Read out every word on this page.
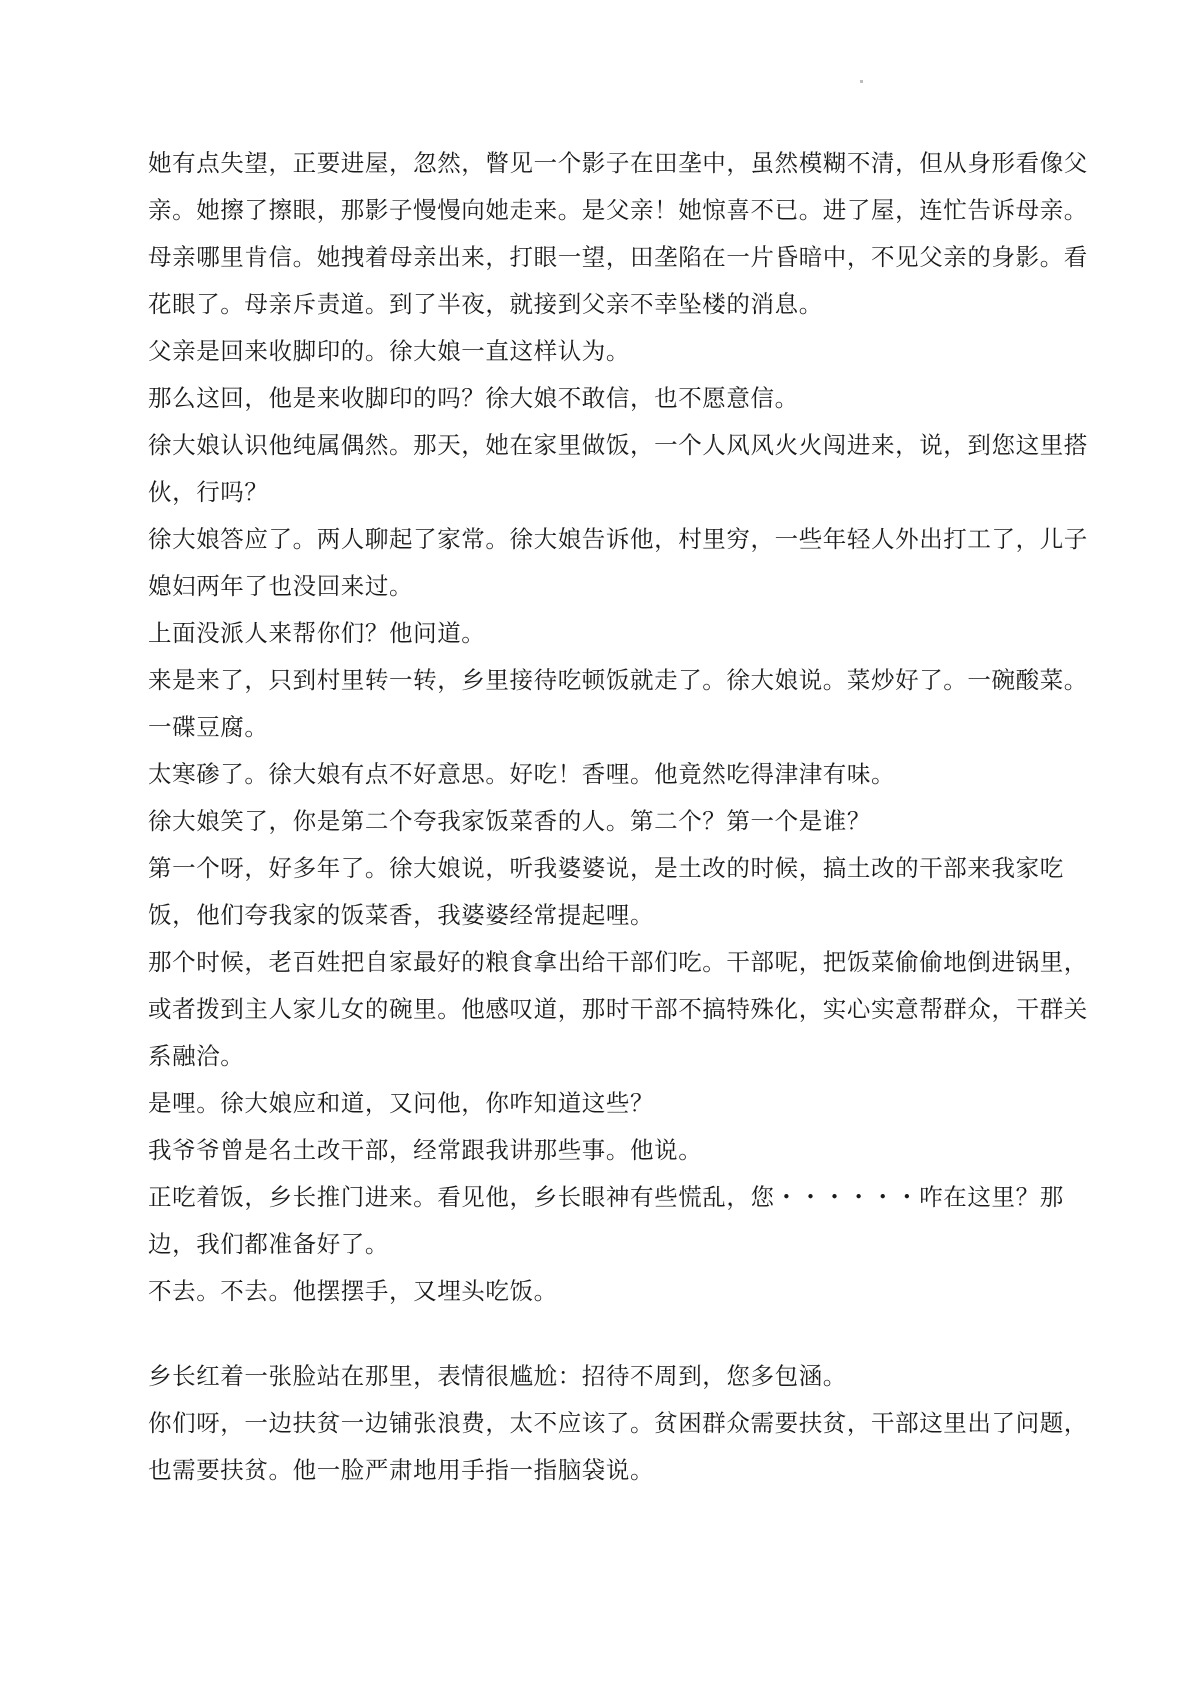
她有点失望，正要进屋，忽然，瞥见一个影子在田垄中，虽然模糊不清，但从身形看像父亲。她擦了擦眼，那影子慢慢向她走来。是父亲！她惊喜不已。进了屋，连忙告诉母亲。母亲哪里肯信。她拽着母亲出来，打眼一望，田垄陷在一片昏暗中，不见父亲的身影。看花眼了。母亲斥责道。到了半夜，就接到父亲不幸坠楼的消息。

父亲是回来收脚印的。徐大娘一直这样认为。

那么这回，他是来收脚印的吗？徐大娘不敢信，也不愿意信。

徐大娘认识他纯属偶然。那天，她在家里做饭，一个人风风火火闯进来，说，到您这里搭伙，行吗？

徐大娘答应了。两人聊起了家常。徐大娘告诉他，村里穷，一些年轻人外出打工了，儿子媳妇两年了也没回来过。

上面没派人来帮你们？他问道。

来是来了，只到村里转一转，乡里接待吃顿饭就走了。徐大娘说。菜炒好了。一碗酸菜。一碟豆腐。

太寒碜了。徐大娘有点不好意思。好吃！香哩。他竟然吃得津津有味。

徐大娘笑了，你是第二个夸我家饭菜香的人。第二个？第一个是谁？

第一个呀，好多年了。徐大娘说，听我婆婆说，是土改的时候，搞土改的干部来我家吃饭，他们夸我家的饭菜香，我婆婆经常提起哩。

那个时候，老百姓把自家最好的粮食拿出给干部们吃。干部呢，把饭菜偷偷地倒进锅里，或者拨到主人家儿女的碗里。他感叹道，那时干部不搞特殊化，实心实意帮群众，干群关系融洽。

是哩。徐大娘应和道，又问他，你咋知道这些？

我爷爷曾是名土改干部，经常跟我讲那些事。他说。

正吃着饭，乡长推门进来。看见他，乡长眼神有些慌乱，您・・・・・・咋在这里？那边，我们都准备好了。

不去。不去。他摆摆手，又埋头吃饭。

乡长红着一张脸站在那里，表情很尴尬：招待不周到，您多包涵。

你们呀，一边扶贫一边铺张浪费，太不应该了。贫困群众需要扶贫，干部这里出了问题，也需要扶贫。他一脸严肃地用手指一指脑袋说。
